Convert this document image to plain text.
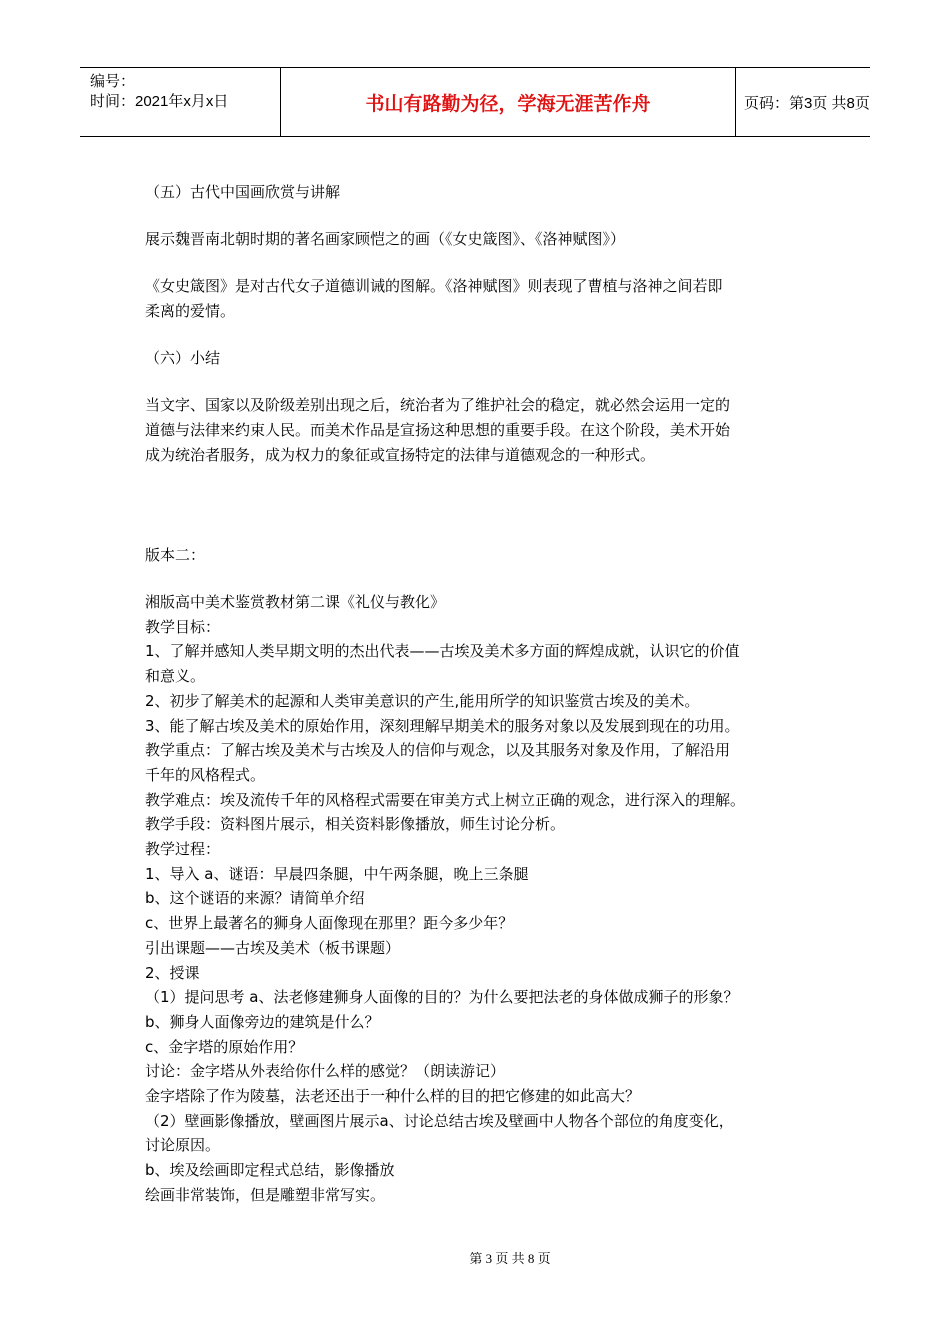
编号：
时间：2021年x月x日	书山有路勤为径，学海无涯苦作舟	页码：第3页 共8页

（五）古代中国画欣赏与讲解

展示魏晋南北朝时期的著名画家顾恺之的画（《女史箴图》、《洛神赋图》）

《女史箴图》是对古代女子道德训诫的图解。《洛神赋图》则表现了曹植与洛神之间若即

柔离的爱情。

（六）小结

当文字、国家以及阶级差别出现之后，统治者为了维护社会的稳定，就必然会运用一定的

道德与法律来约束人民。而美术作品是宣扬这种思想的重要手段。在这个阶段，美术开始

成为统治者服务，成为权力的象征或宣扬特定的法律与道德观念的一种形式。

版本二：

湘版高中美术鉴赏教材第二课《礼仪与教化》

教学目标：

1、了解并感知人类早期文明的杰出代表——古埃及美术多方面的辉煌成就，认识它的价值

和意义。

2、初步了解美术的起源和人类审美意识的产生,能用所学的知识鉴赏古埃及的美术。

3、能了解古埃及美术的原始作用，深刻理解早期美术的服务对象以及发展到现在的功用。

教学重点：了解古埃及美术与古埃及人的信仰与观念，以及其服务对象及作用，了解沿用

千年的风格程式。

教学难点：埃及流传千年的风格程式需要在审美方式上树立正确的观念，进行深入的理解。

教学手段：资料图片展示，相关资料影像播放，师生讨论分析。

教学过程：

1、导入 a、谜语：早晨四条腿，中午两条腿，晚上三条腿

b、这个谜语的来源？请简单介绍

c、世界上最著名的狮身人面像现在那里？距今多少年？

引出课题——古埃及美术（板书课题）

2、授课

（1）提问思考 a、法老修建狮身人面像的目的？为什么要把法老的身体做成狮子的形象？

b、狮身人面像旁边的建筑是什么？

c、金字塔的原始作用？

讨论：金字塔从外表给你什么样的感觉？（朗读游记）

金字塔除了作为陵墓，法老还出于一种什么样的目的把它修建的如此高大？

（2）壁画影像播放，壁画图片展示a、讨论总结古埃及壁画中人物各个部位的角度变化，

讨论原因。

b、埃及绘画即定程式总结，影像播放

绘画非常装饰，但是雕塑非常写实。

第 3 页 共 8 页
